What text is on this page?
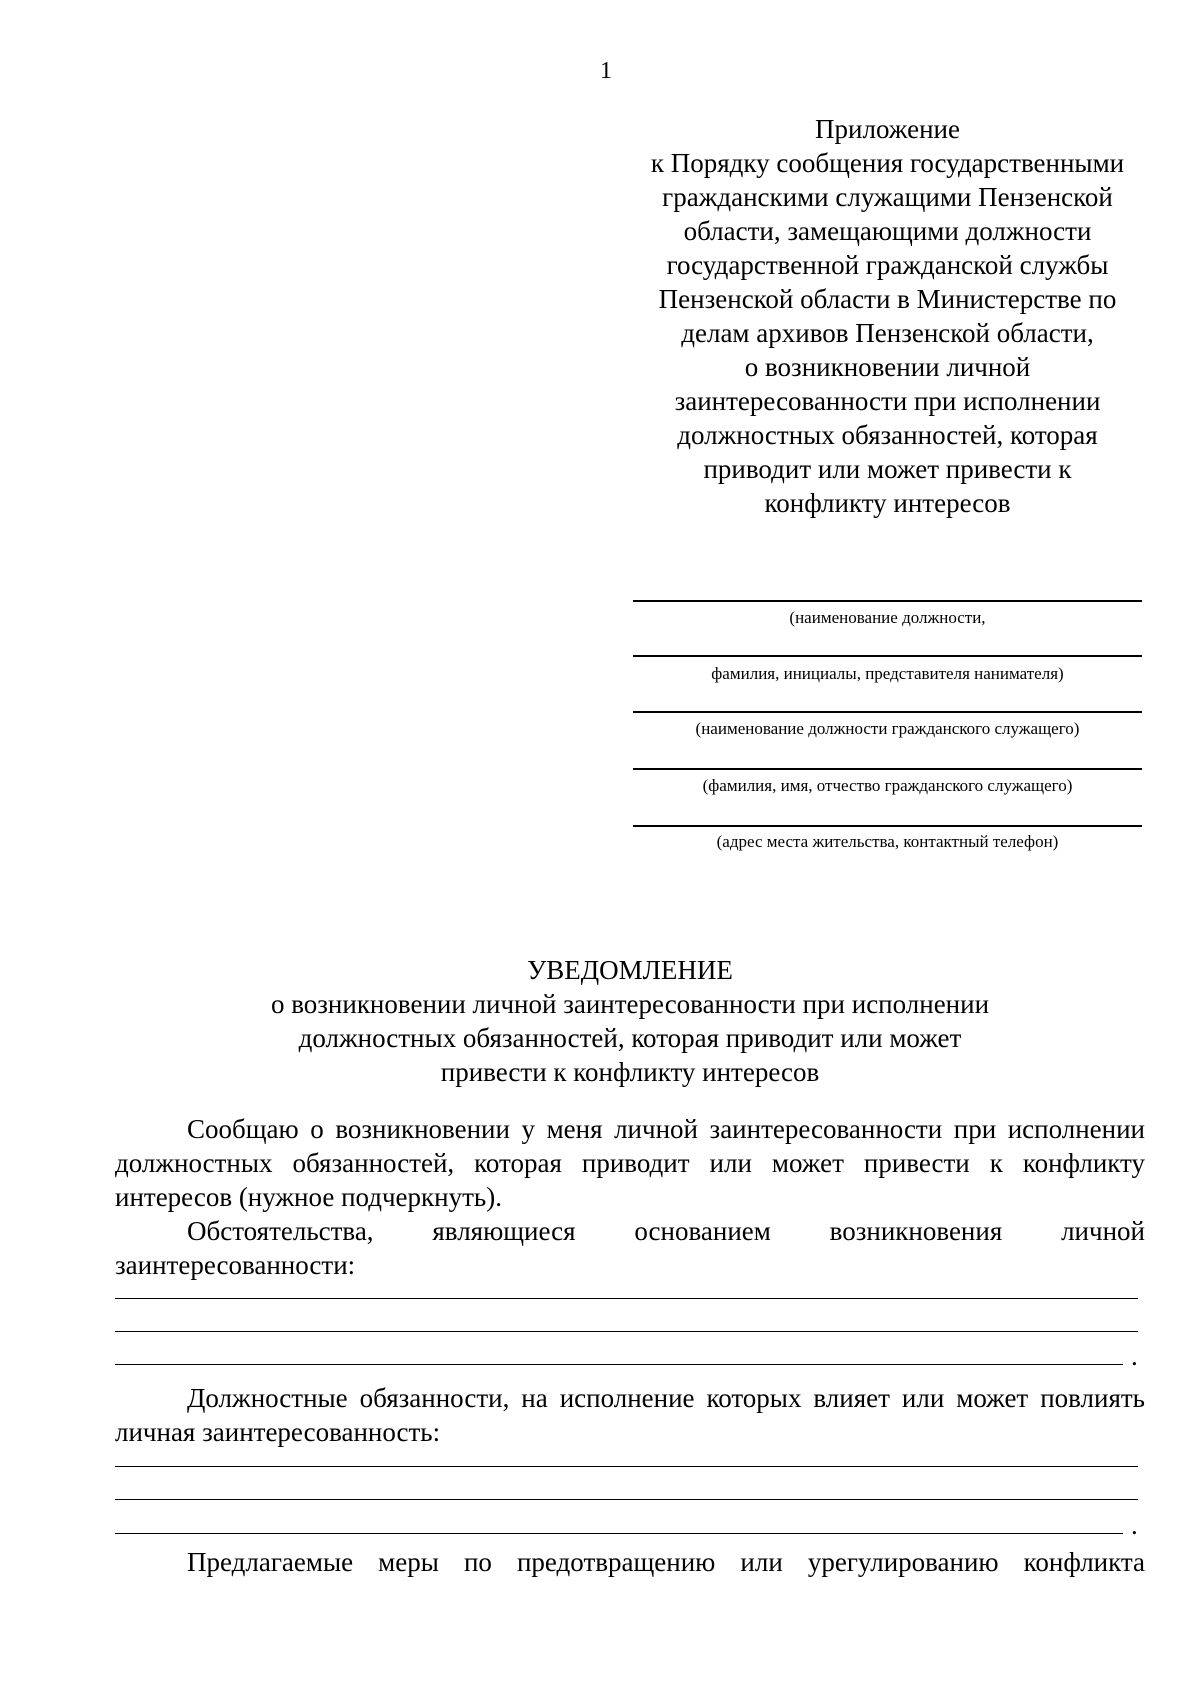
1
Приложение
к Порядку сообщения государственными
гражданскими служащими Пензенской
области, замещающими должности
государственной гражданской службы
Пензенской области в Министерстве по
делам архивов Пензенской области,
о возникновении личной
заинтересованности при исполнении
должностных обязанностей, которая
приводит или может привести к
конфликту интересов
(наименование должности,
фамилия, инициалы, представителя нанимателя)
(наименование должности гражданского служащего)
(фамилия, имя, отчество гражданского служащего)
(адрес места жительства, контактный телефон)
УВЕДОМЛЕНИЕ
о возникновении личной заинтересованности при исполнении
должностных обязанностей, которая приводит или может
привести к конфликту интересов
Сообщаю о возникновении у меня личной заинтересованности при исполнении
должностных обязанностей, которая приводит или может привести к конфликту
интересов (нужное подчеркнуть).
Обстоятельства, являющиеся основанием возникновения личной
заинтересованности:
.
Должностные обязанности, на исполнение которых влияет или может повлиять
личная заинтересованность:
.
Предлагаемые меры по предотвращению или урегулированию конфликта
